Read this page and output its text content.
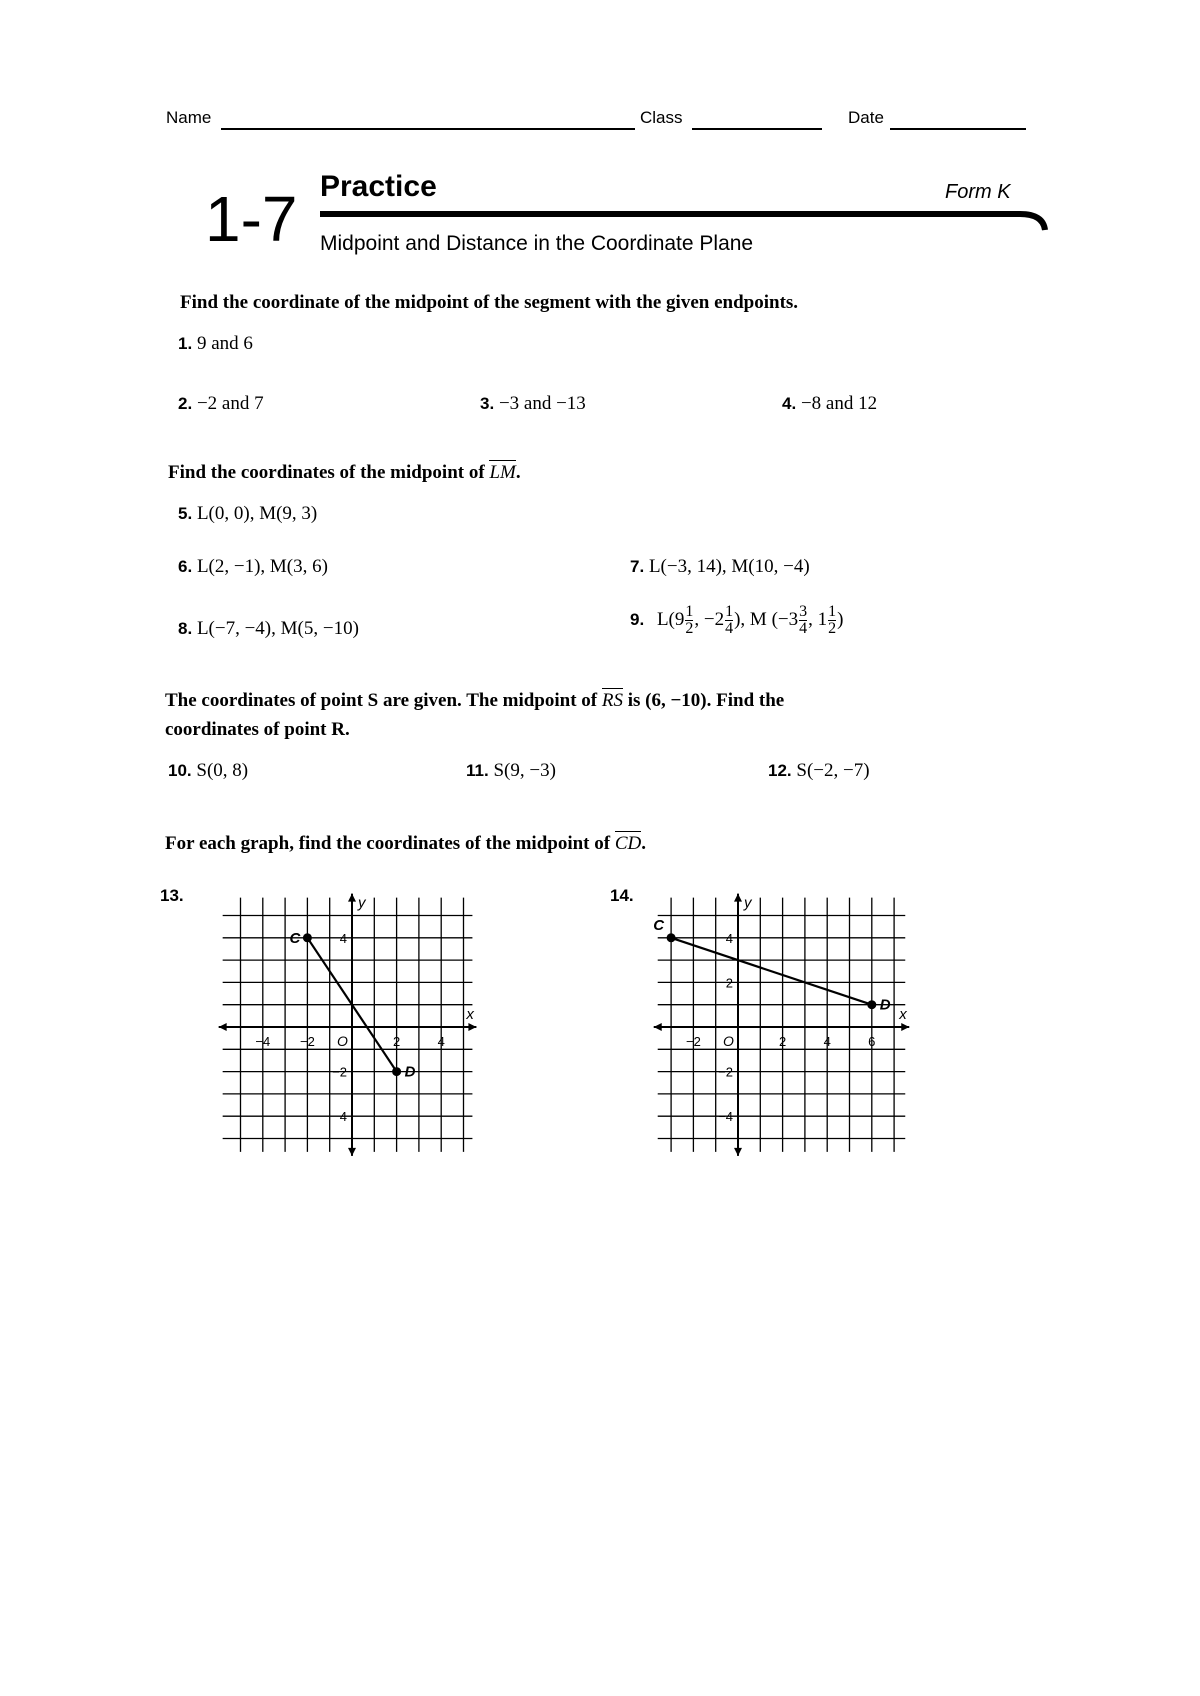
Name	Class	Date
1-7 Practice	Form K
Midpoint and Distance in the Coordinate Plane
Find the coordinate of the midpoint of the segment with the given endpoints.
1. 9 and 6
2. −2 and 7	3. −3 and −13	4. −8 and 12
Find the coordinates of the midpoint of LM.
5. L(0, 0), M(9, 3)
6. L(2, −1), M(3, 6)	7. L(−3, 14), M(10, −4)
8. L(−7, −4), M(5, −10)	9. $L(9 \frac{1}{2}$ , $-2 \frac{1}{4}$ ), M ($-3 \frac{3}{4}$ , $1 \frac{1}{2}$ )
The coordinates of point S are given. The midpoint of RS is (6, −10). Find the
coordinates of point R.
10. S(0, 8)	11. S(9, −3)	12. S(−2, −7)
For each graph, find the coordinates of the midpoint of CD.
13.	14.
x
y
O
−4 −2	2	4
4
−2
4
C
D
x
y
O
−2	2	4	6
4
2
−2
−4
C
D
